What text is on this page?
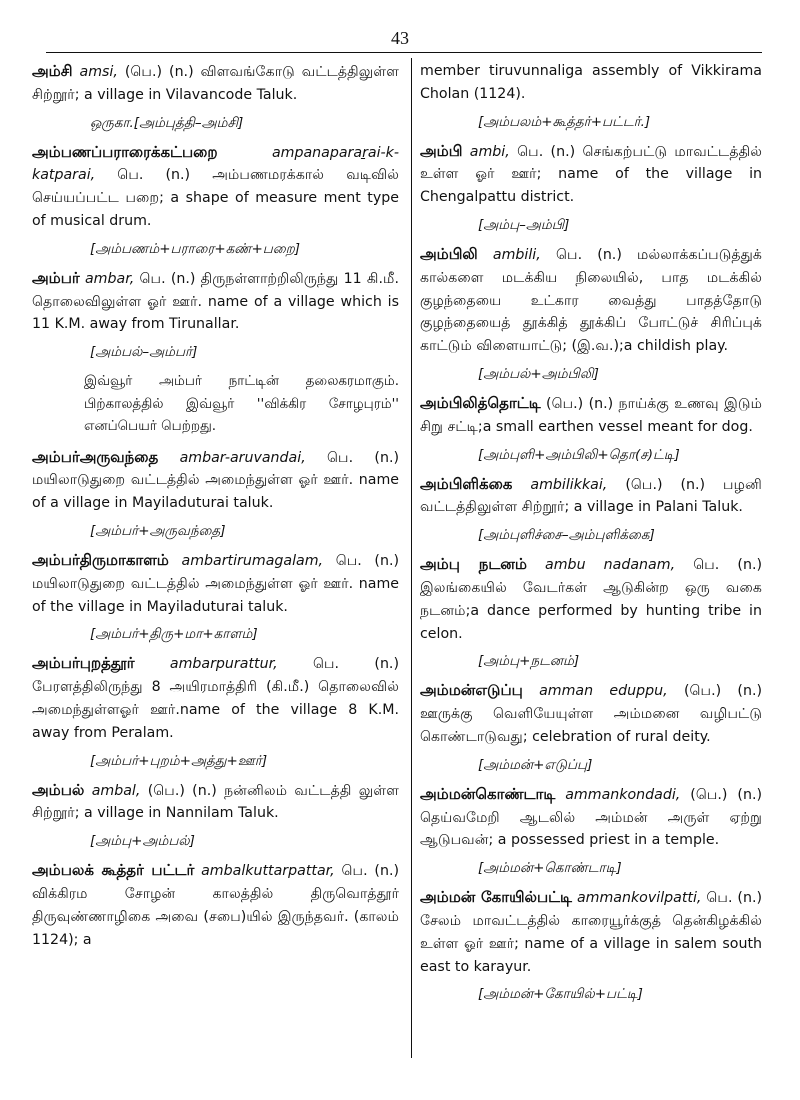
43

அம்சி amsi, (பெ.) (n.) விளவங்கோடு வட்டத்திலுள்ள சிற்றூர்; a village in Vilavancode Taluk.

ஒருகா.[அம்புத்தி–அம்சி]

அம்பணப்பராரைக்கட்பறை	ampanaparaṟai-k-katparai, பெ. (n.) அம்பணமரக்கால் வடிவில் செய்யப்பட்ட பறை; a shape of measure ment type of musical drum.

[அம்பணம்+பராரை+கண்+பறை]

அம்பர் ambar, பெ. (n.) திருநள்ளாற்றிலிருந்து 11 கி.மீ. தொலைவிலுள்ள ஓர் ஊர். name of a village which is 11 K.M. away from Tirunallar.

[அம்பல்–அம்பர்]
இவ்வூர் அம்பர் நாட்டின் தலைகரமாகும். பிற்காலத்தில் இவ்வூர் ''விக்கிர சோழபுரம்'' எனப்பெயர் பெற்றது.

அம்பர்அருவந்தை ambar-aruvandai, பெ. (n.) மயிலாடுதுறை வட்டத்தில் அமைந்துள்ள ஓர் ஊர். name of a village in Mayiladuturai taluk.

[அம்பர்+அருவந்தை]

அம்பர்திருமாகாளம் ambartirumagalam, பெ. (n.) மயிலாடுதுறை வட்டத்தில் அமைந்துள்ள ஓர் ஊர். name of the village in Mayiladuturai taluk.

[அம்பர்+திரு+மா+காளம்]

அம்பர்புறத்தூர் ambarpurattur, பெ. (n.) பேரளத்திலிருந்து 8 அயிரமாத்திரி (கி.மீ.) தொலைவில் அமைந்துள்ளஓர் ஊர்.name of the village 8 K.M. away from Peralam.

[அம்பர்+புறம்+அத்து+ஊர்]

அம்பல் ambal, (பெ.) (n.) நன்னிலம் வட்டத்தி லுள்ள சிற்றூர்; a village in Nannilam Taluk.

[அம்பு+அம்பல்]

அம்பலக் கூத்தர் பட்டர் ambalkuttarpattar, பெ. (n.) விக்கிரம சோழன் காலத்தில் திருவொத்தூர் திருவுண்ணாழிகை அவை (சபை)யில் இருந்தவர். (காலம் 1124); a

member tiruvunnaliga assembly of Vikkirama Cholan (1124).

[அம்பலம்+கூத்தர்+பட்டர்.]

அம்பி ambi, பெ. (n.) செங்கற்பட்டு மாவட்டத்தில் உள்ள ஓர் ஊர்; name of the village in Chengalpattu district.

[அம்பு–அம்பி]

அம்பிலி ambili, பெ. (n.) மல்லாக்கப்படுத்துக் கால்களை மடக்கிய நிலையில், பாத மடக்கில் குழந்தையை உட்கார வைத்து பாதத்தோடு குழந்தையைத் தூக்கித் தூக்கிப் போட்டுச் சிரிப்புக் காட்டும் விளையாட்டு; (இ.வ.);a childish play.

[அம்பல்+அம்பிலி]

அம்பிலித்தொட்டி (பெ.) (n.) நாய்க்கு உணவு இடும் சிறு சட்டி;a small earthen vessel meant for dog.

[அம்புளி+அம்பிலி+தொ(ச)ட்டி]

அம்பிளிக்கை ambilikkai, (பெ.) (n.) பழனி வட்டத்திலுள்ள சிற்றூர்; a village in Palani Taluk.

[அம்புளிச்சை–அம்புளிக்கை]

அம்பு நடனம் ambu nadanam, பெ. (n.) இலங்கையில் வேடர்கள் ஆடுகின்ற ஒரு வகை நடனம்;a dance performed by hunting tribe in celon.

[அம்பு+நடனம்]

அம்மன்எடுப்பு amman eduppu, (பெ.) (n.) ஊருக்கு வெளியேயுள்ள அம்மனை வழிபட்டு கொண்டாடுவது; celebration of rural deity.

[அம்மன்+எடுப்பு]

அம்மன்கொண்டாடி ammankondadi, (பெ.) (n.) தெய்வமேறி ஆடலில் அம்மன் அருள் ஏற்று ஆடுபவன்; a possessed priest in a temple.

[அம்மன்+கொண்டாடி]

அம்மன் கோயில்பட்டி ammankovilpatti, பெ. (n.) சேலம் மாவட்டத்தில் காரையூர்க்குத் தென்கிழக்கில் உள்ள ஓர் ஊர்; name of a village in salem south east to karayur.

[அம்மன்+கோயில்+பட்டி]
